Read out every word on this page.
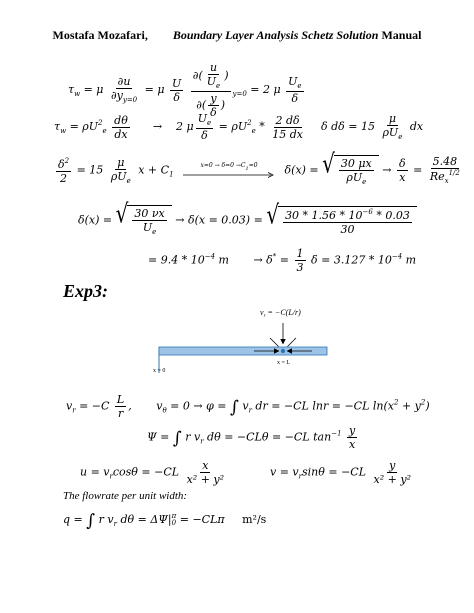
Mostafa Mozafari, Boundary Layer Analysis Schetz Solution Manual
$\tau_w = \mu \frac{\partial u}{\partial y_{y=0}} = \mu \frac{U}{\delta}$
$\frac{\partial( \frac{u}{U_e} )}{\partial( \frac{y}{\delta} )} _{y=0} = 2$ μ $\frac{U_e}{\delta}$
$\tau_w = \rho U^2_e \frac{d\theta}{dx} \to 2$ μ $\frac{U_e}{\delta} = \rho U^2_e * \frac{2 d\delta}{15 dx}$ δ $d\delta = 15 \frac{\mu}{\rho U_e}$ dx
$\frac{\delta^2}{2} = 15 \frac{\mu}{\rho U_e}$ $x + C_1$
$x=0 \to \delta=0 \to C_1=0$ δ(x) = √ $\frac{30 \mu x}{\rho U_e} \to \frac{\delta}{x} = \frac{5.48}{Re_x^{1/2}}$
δ(x) = √ $\frac{30 \nu x}{U_e} \to \delta(x = 0.03)$ = √ $\frac{30 * 1.56 * 10^{-6} * 0.03}{30}$
= $9.4 * 10^{-4}$ $m \to \delta^* = \frac{1}{3}$ $\delta = 3.127 * 10^{-4}$ m
Exp3:
$v_r = -C(L/r)$
x = 0
x = L
$v_r = -C \frac{L}{r}$ , $v_\theta = 0 \to \varphi$ = ∫ $v_r$ dr = −CL lnr = −CL $\ln(x^2 + y^2)$
Ψ = ∫ r $v_r$ dθ = −CLθ = −CL $\tan^{-1} \frac{y}{x}$
$u = v_r\cos\theta = -CL \frac{x}{\text{x² + y²}}$	$v = v_r\sin\theta = -CL \frac{y}{\text{x² + y²}}$
The flowrate per unit width:
q = ∫ r $v_r$ dθ = ΔΨ| π
0 = −CLπ m²/s
